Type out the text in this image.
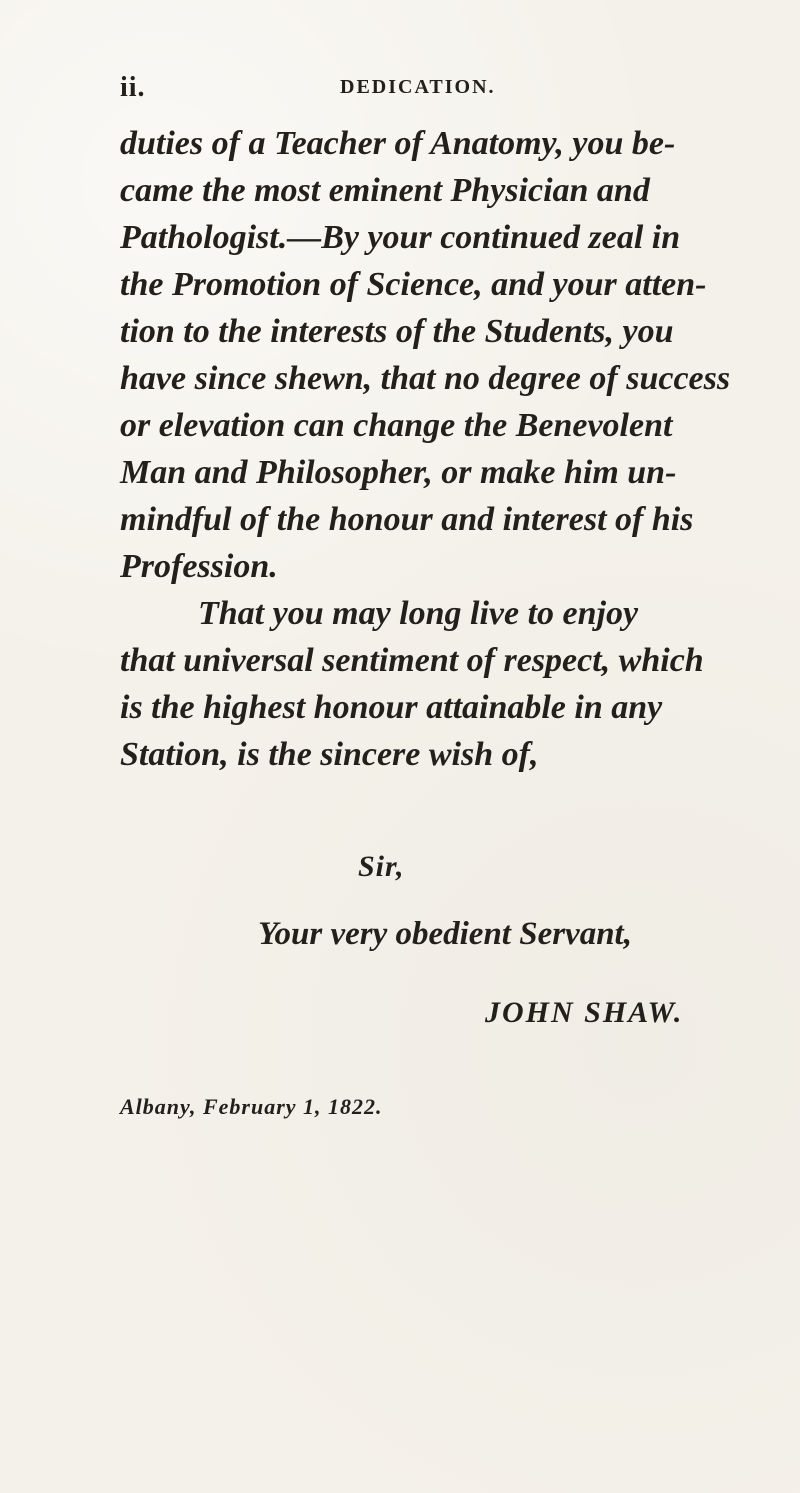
ii.	DEDICATION.
duties of a Teacher of Anatomy, you be-
came the most eminent Physician and
Pathologist.—By your continued zeal in
the Promotion of Science, and your atten-
tion to the interests of the Students, you
have since shewn, that no degree of success
or elevation can change the Benevolent
Man and Philosopher, or make him un-
mindful of the honour and interest of his
Profession.
That you may long live to enjoy
that universal sentiment of respect, which
is the highest honour attainable in any
Station, is the sincere wish of,
Sir,
Your very obedient Servant,
JOHN SHAW.
Albany, February 1, 1822.
